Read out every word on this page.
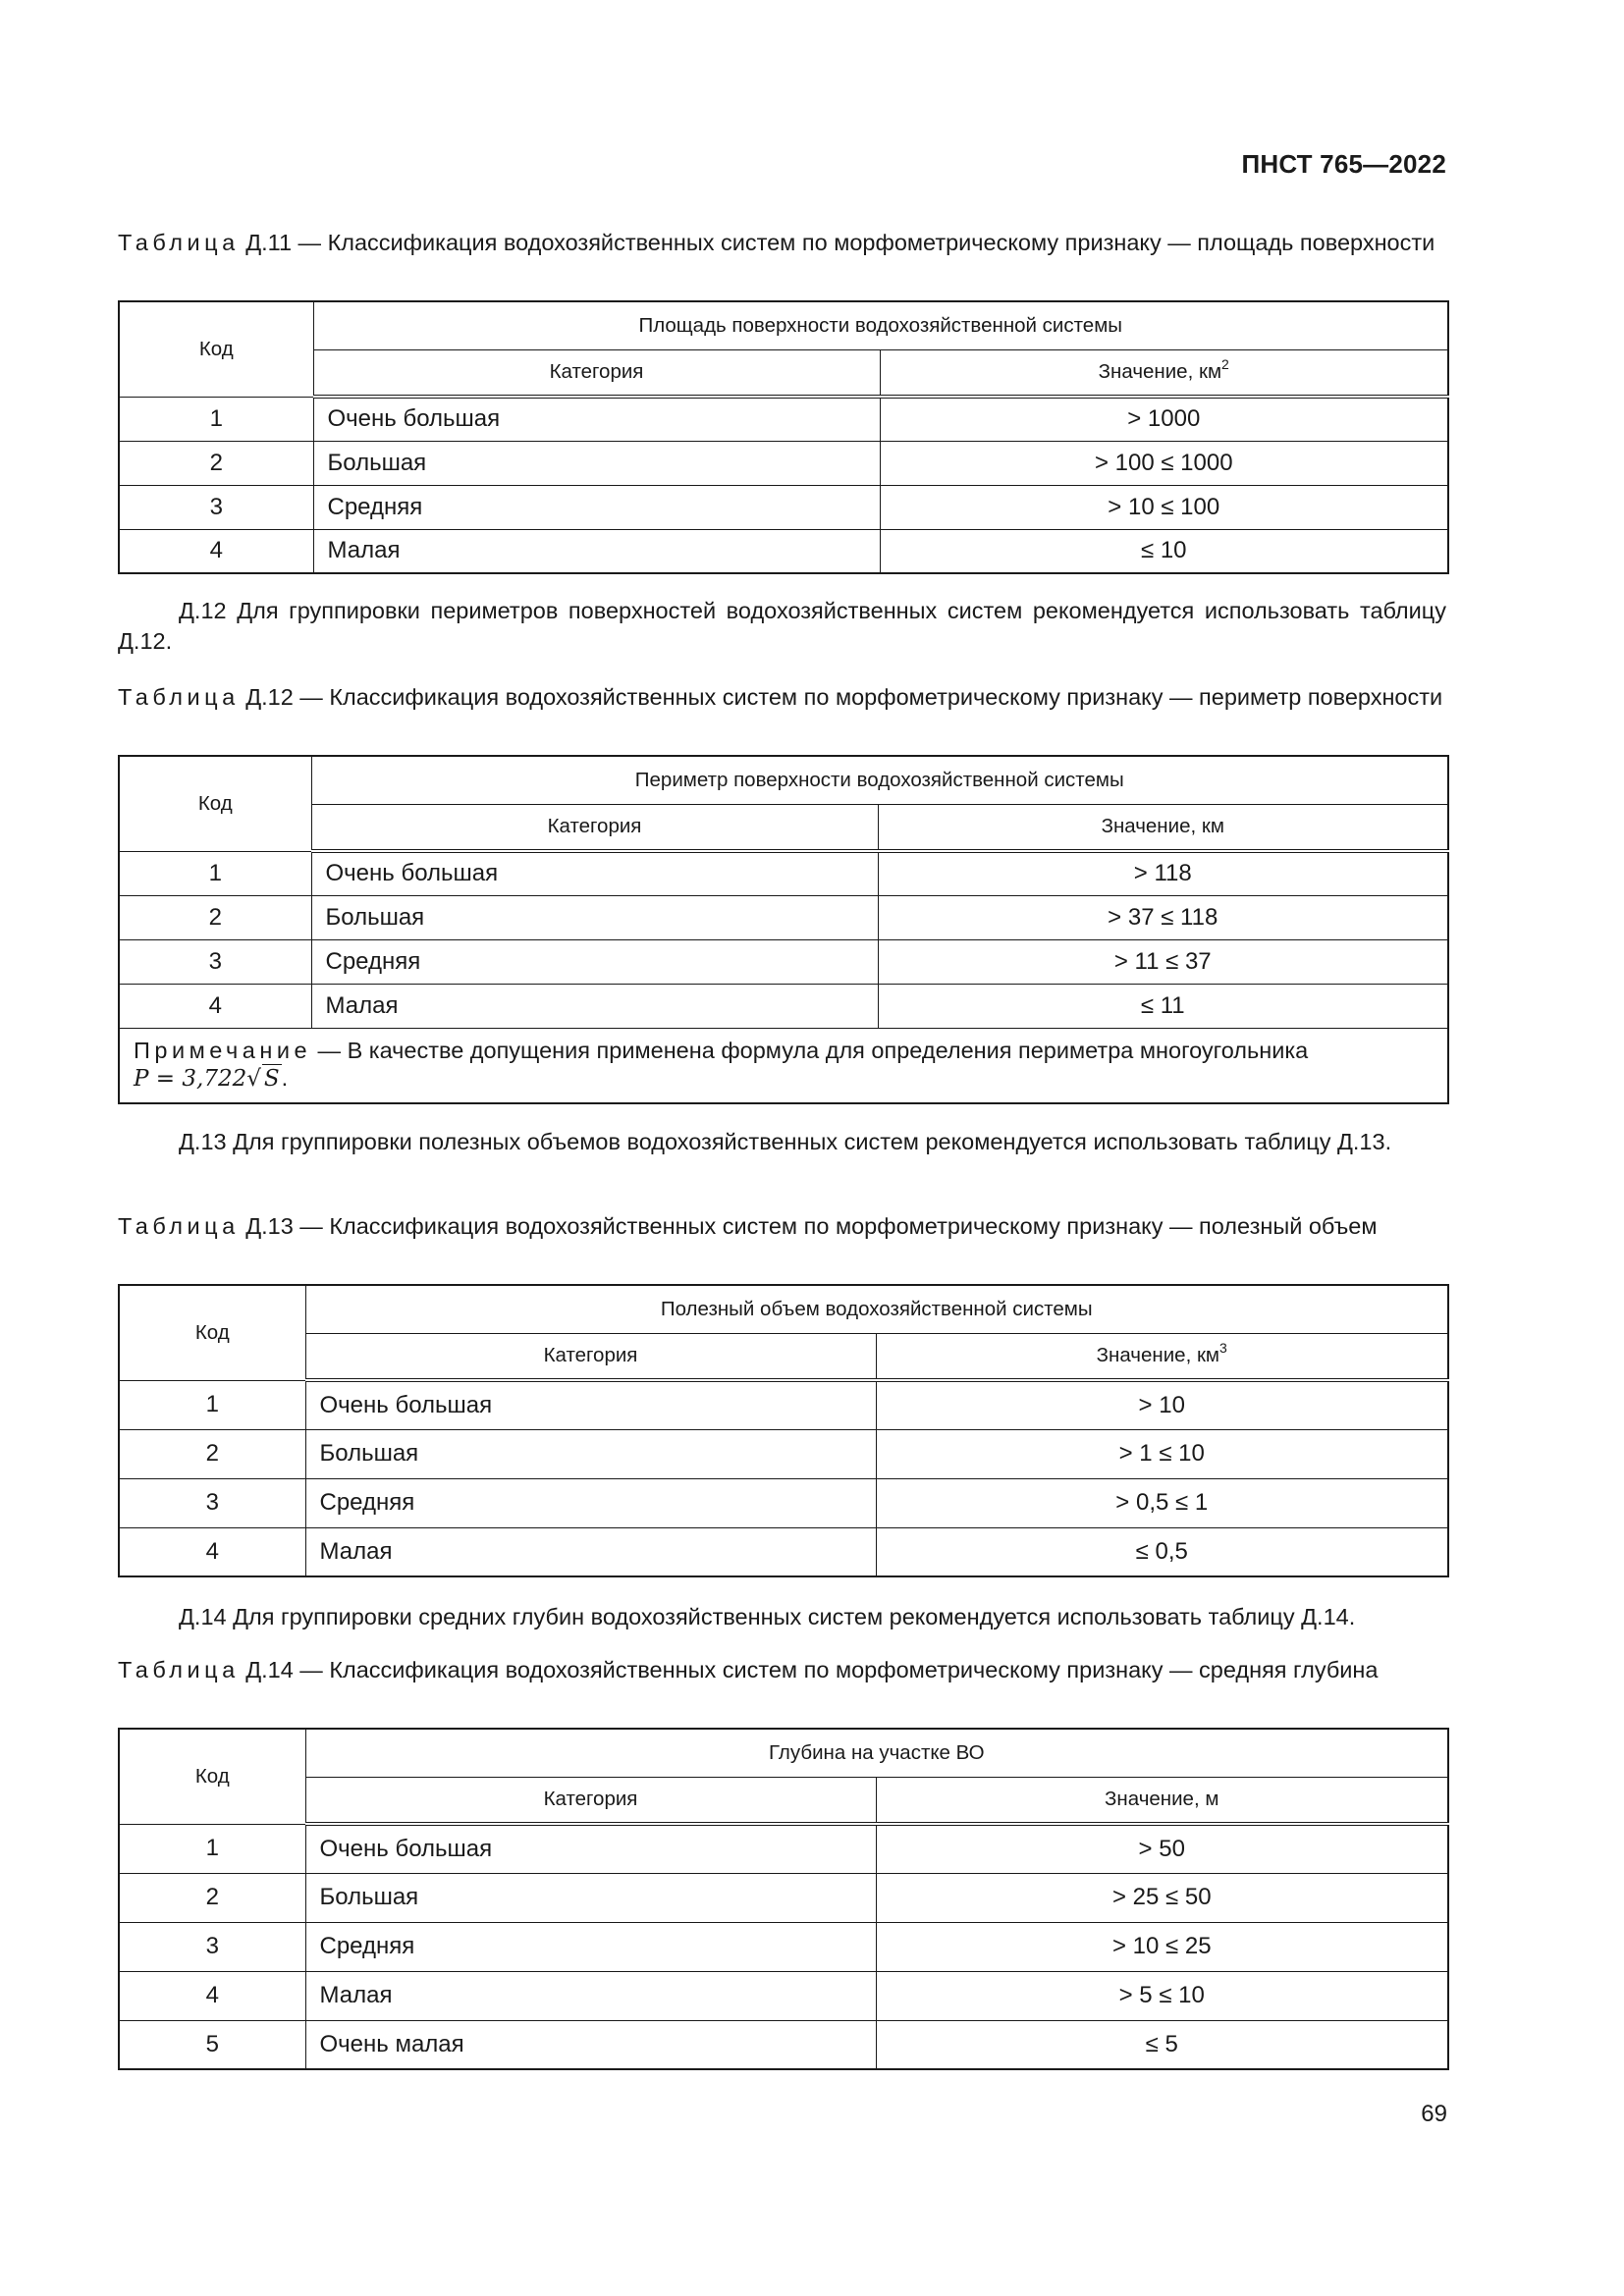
ПНСТ 765—2022
Таблица Д.11 — Классификация водохозяйственных систем по морфометрическому признаку — площадь поверхности
Код	Площадь поверхности водохозяйственной системы	
	Категория	Значение, $км^2$
1	Очень большая	> 1000
2	Большая	> 100 ≤ 1000
3	Средняя	> 10 ≤ 100
4	Малая	≤ 10
Д.12 Для группировки периметров поверхностей водохозяйственных систем рекомендуется использовать таблицу Д.12.
Таблица Д.12 — Классификация водохозяйственных систем по морфометрическому признаку — периметр поверхности
Код	Периметр поверхности водохозяйственной системы	
	Категория	Значение, км
1	Очень большая	> 118
2	Большая	> 37 ≤ 118
3	Средняя	> 11 ≤ 37
4	Малая	≤ 11
Примечание — В качестве допущения применена формула для определения периметра многоугольника
P = 3,722√ S.		
Д.13 Для группировки полезных объемов водохозяйственных систем рекомендуется использовать таблицу Д.13.
Таблица Д.13 — Классификация водохозяйственных систем по морфометрическому признаку — полезный объем
Код	Полезный объем водохозяйственной системы	
	Категория	Значение, $км^3$
1	Очень большая	> 10
2	Большая	> 1 ≤ 10
3	Средняя	> 0,5 ≤ 1
4	Малая	≤ 0,5
Д.14 Для группировки средних глубин водохозяйственных систем рекомендуется использовать таблицу Д.14.
Таблица Д.14 — Классификация водохозяйственных систем по морфометрическому признаку — средняя глубина
Код	Глубина на участке ВО	
	Категория	Значение, м
1	Очень большая	> 50
2	Большая	> 25 ≤ 50
3	Средняя	> 10 ≤ 25
4	Малая	> 5 ≤ 10
5	Очень малая	≤ 5
69
